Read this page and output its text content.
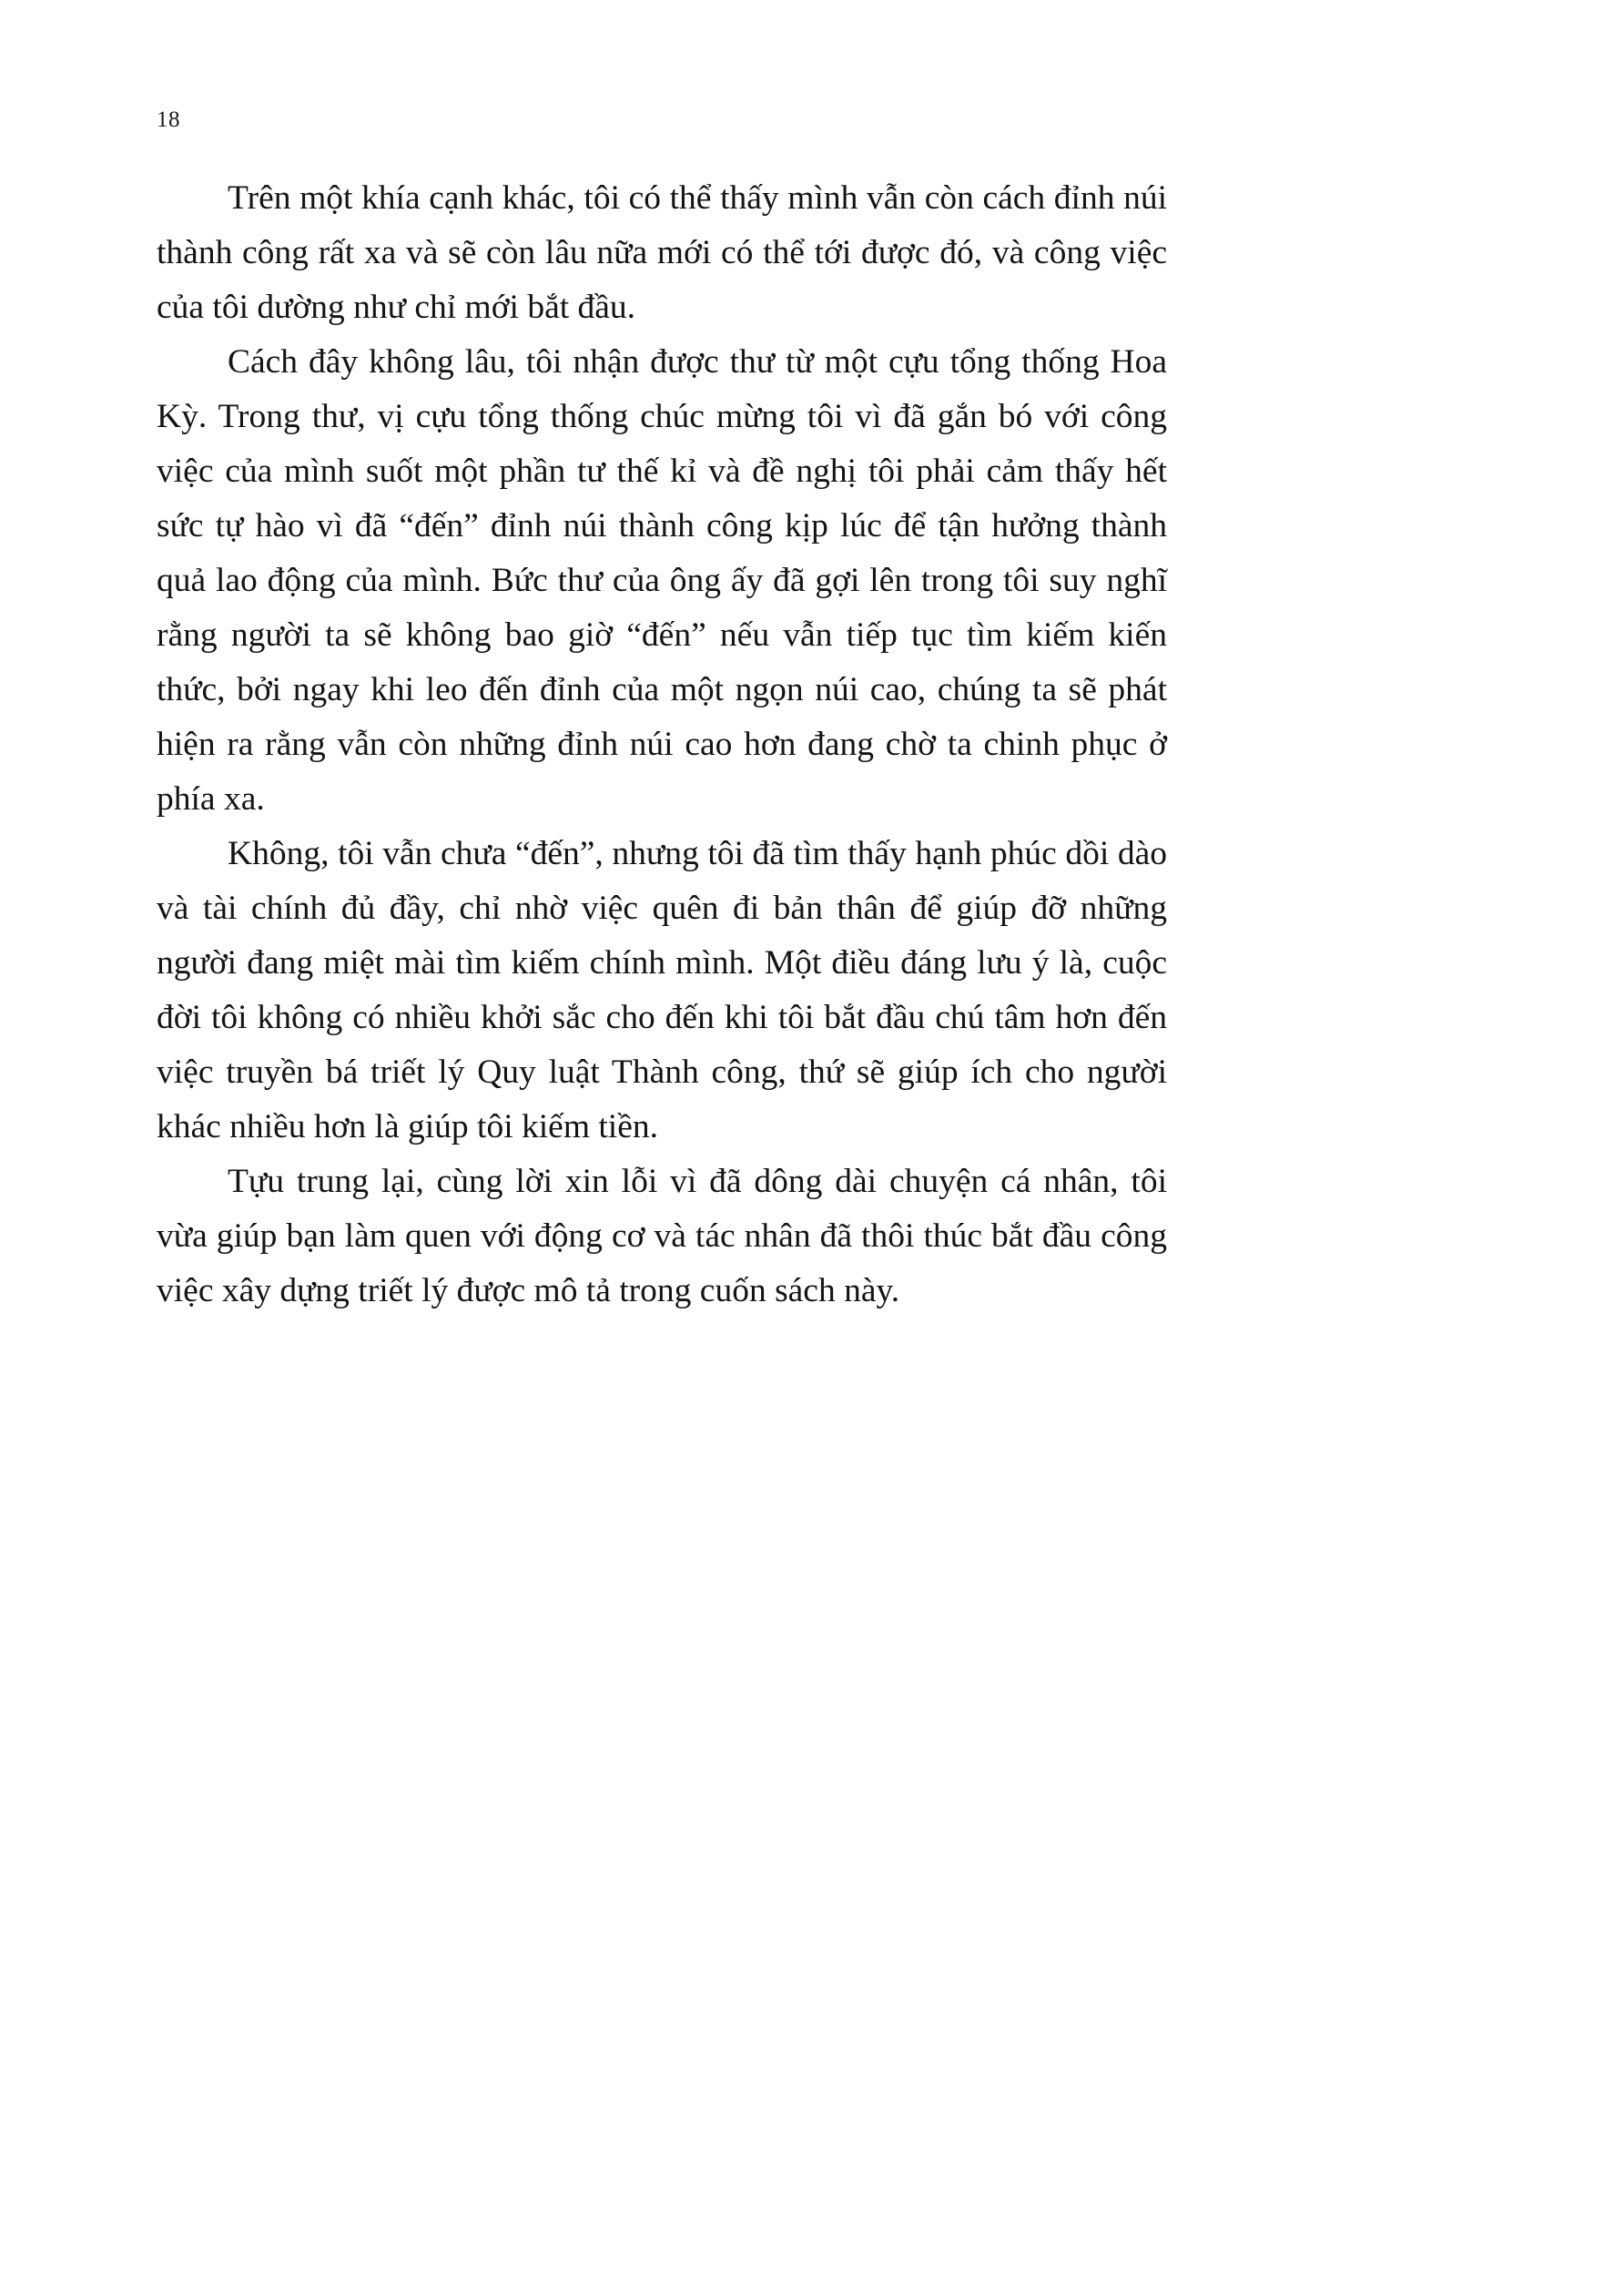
18

Trên một khía cạnh khác, tôi có thể thấy mình vẫn còn cách đỉnh núi thành công rất xa và sẽ còn lâu nữa mới có thể tới được đó, và công việc của tôi dường như chỉ mới bắt đầu.

Cách đây không lâu, tôi nhận được thư từ một cựu tổng thống Hoa Kỳ. Trong thư, vị cựu tổng thống chúc mừng tôi vì đã gắn bó với công việc của mình suốt một phần tư thế kỉ và đề nghị tôi phải cảm thấy hết sức tự hào vì đã “đến” đỉnh núi thành công kịp lúc để tận hưởng thành quả lao động của mình. Bức thư của ông ấy đã gợi lên trong tôi suy nghĩ rằng người ta sẽ không bao giờ “đến” nếu vẫn tiếp tục tìm kiếm kiến thức, bởi ngay khi leo đến đỉnh của một ngọn núi cao, chúng ta sẽ phát hiện ra rằng vẫn còn những đỉnh núi cao hơn đang chờ ta chinh phục ở phía xa.

Không, tôi vẫn chưa “đến”, nhưng tôi đã tìm thấy hạnh phúc dồi dào và tài chính đủ đầy, chỉ nhờ việc quên đi bản thân để giúp đỡ những người đang miệt mài tìm kiếm chính mình. Một điều đáng lưu ý là, cuộc đời tôi không có nhiều khởi sắc cho đến khi tôi bắt đầu chú tâm hơn đến việc truyền bá triết lý Quy luật Thành công, thứ sẽ giúp ích cho người khác nhiều hơn là giúp tôi kiếm tiền.

Tựu trung lại, cùng lời xin lỗi vì đã dông dài chuyện cá nhân, tôi vừa giúp bạn làm quen với động cơ và tác nhân đã thôi thúc bắt đầu công việc xây dựng triết lý được mô tả trong cuốn sách này.
